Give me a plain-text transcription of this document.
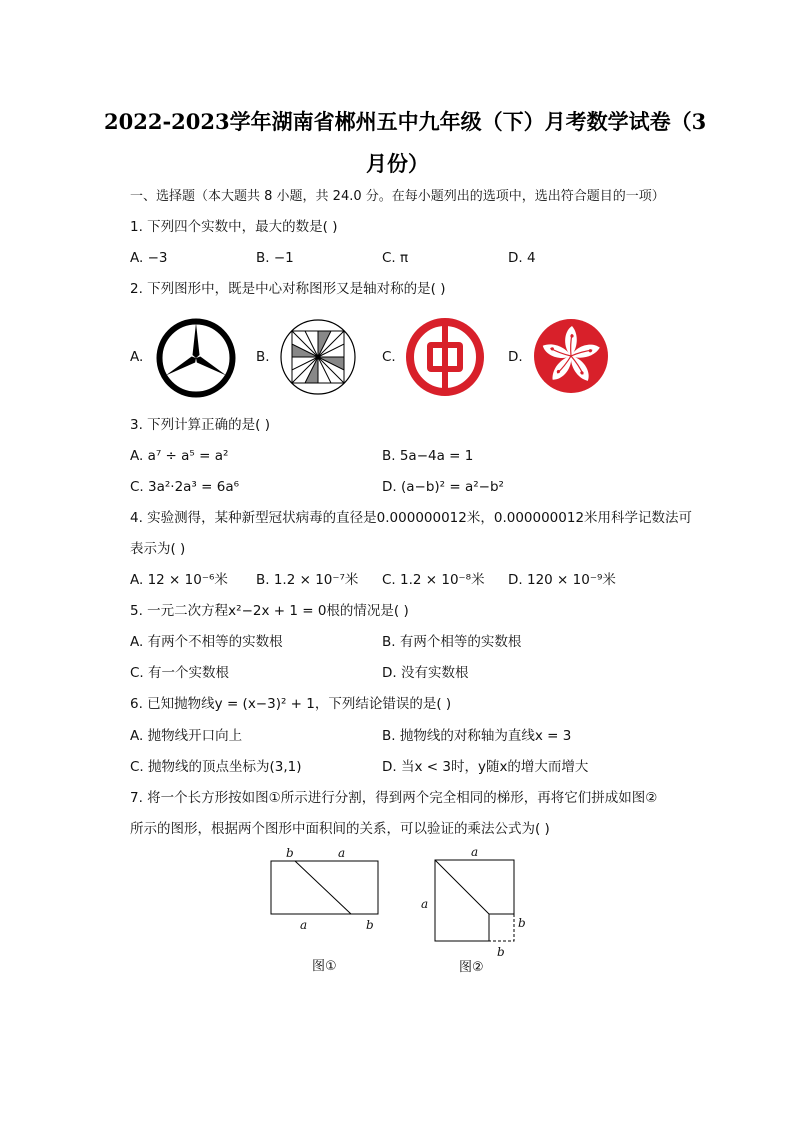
2022-2023学年湖南省郴州五中九年级（下）月考数学试卷（3
月份）
一、选择题（本大题共 8 小题，共 24.0 分。在每小题列出的选项中，选出符合题目的一项）
1. 下列四个实数中，最大的数是( )
A. −3	B. −1	C. π	D. 4
2. 下列图形中，既是中心对称图形又是轴对称的是( )
A.	B.	C.	D.
3. 下列计算正确的是( )
A. a⁷ ÷ a⁵ = a²	B. 5a−4a = 1
C. 3a²·2a³ = 6a⁶	D. (a−b)² = a²−b²
4. 实验测得，某种新型冠状病毒的直径是0.000000012米，0.000000012米用科学记数法可
表示为( )
A. 12 × 10⁻⁶米 B. 1.2 × 10⁻⁷米 C. 1.2 × 10⁻⁸米 D. 120 × 10⁻⁹米
5. 一元二次方程x²−2x + 1 = 0根的情况是( )
A. 有两个不相等的实数根	B. 有两个相等的实数根
C. 有一个实数根	D. 没有实数根
6. 已知抛物线y = (x−3)² + 1，下列结论错误的是( )
A. 抛物线开口向上	B. 抛物线的对称轴为直线x = 3
C. 抛物线的顶点坐标为(3,1)	D. 当x < 3时，y随x的增大而增大
7. 将一个长方形按如图①所示进行分割，得到两个完全相同的梯形，再将它们拼成如图②
所示的图形，根据两个图形中面积间的关系，可以验证的乘法公式为( )
b	a
a	b
图①
a
a
b
b
图②
